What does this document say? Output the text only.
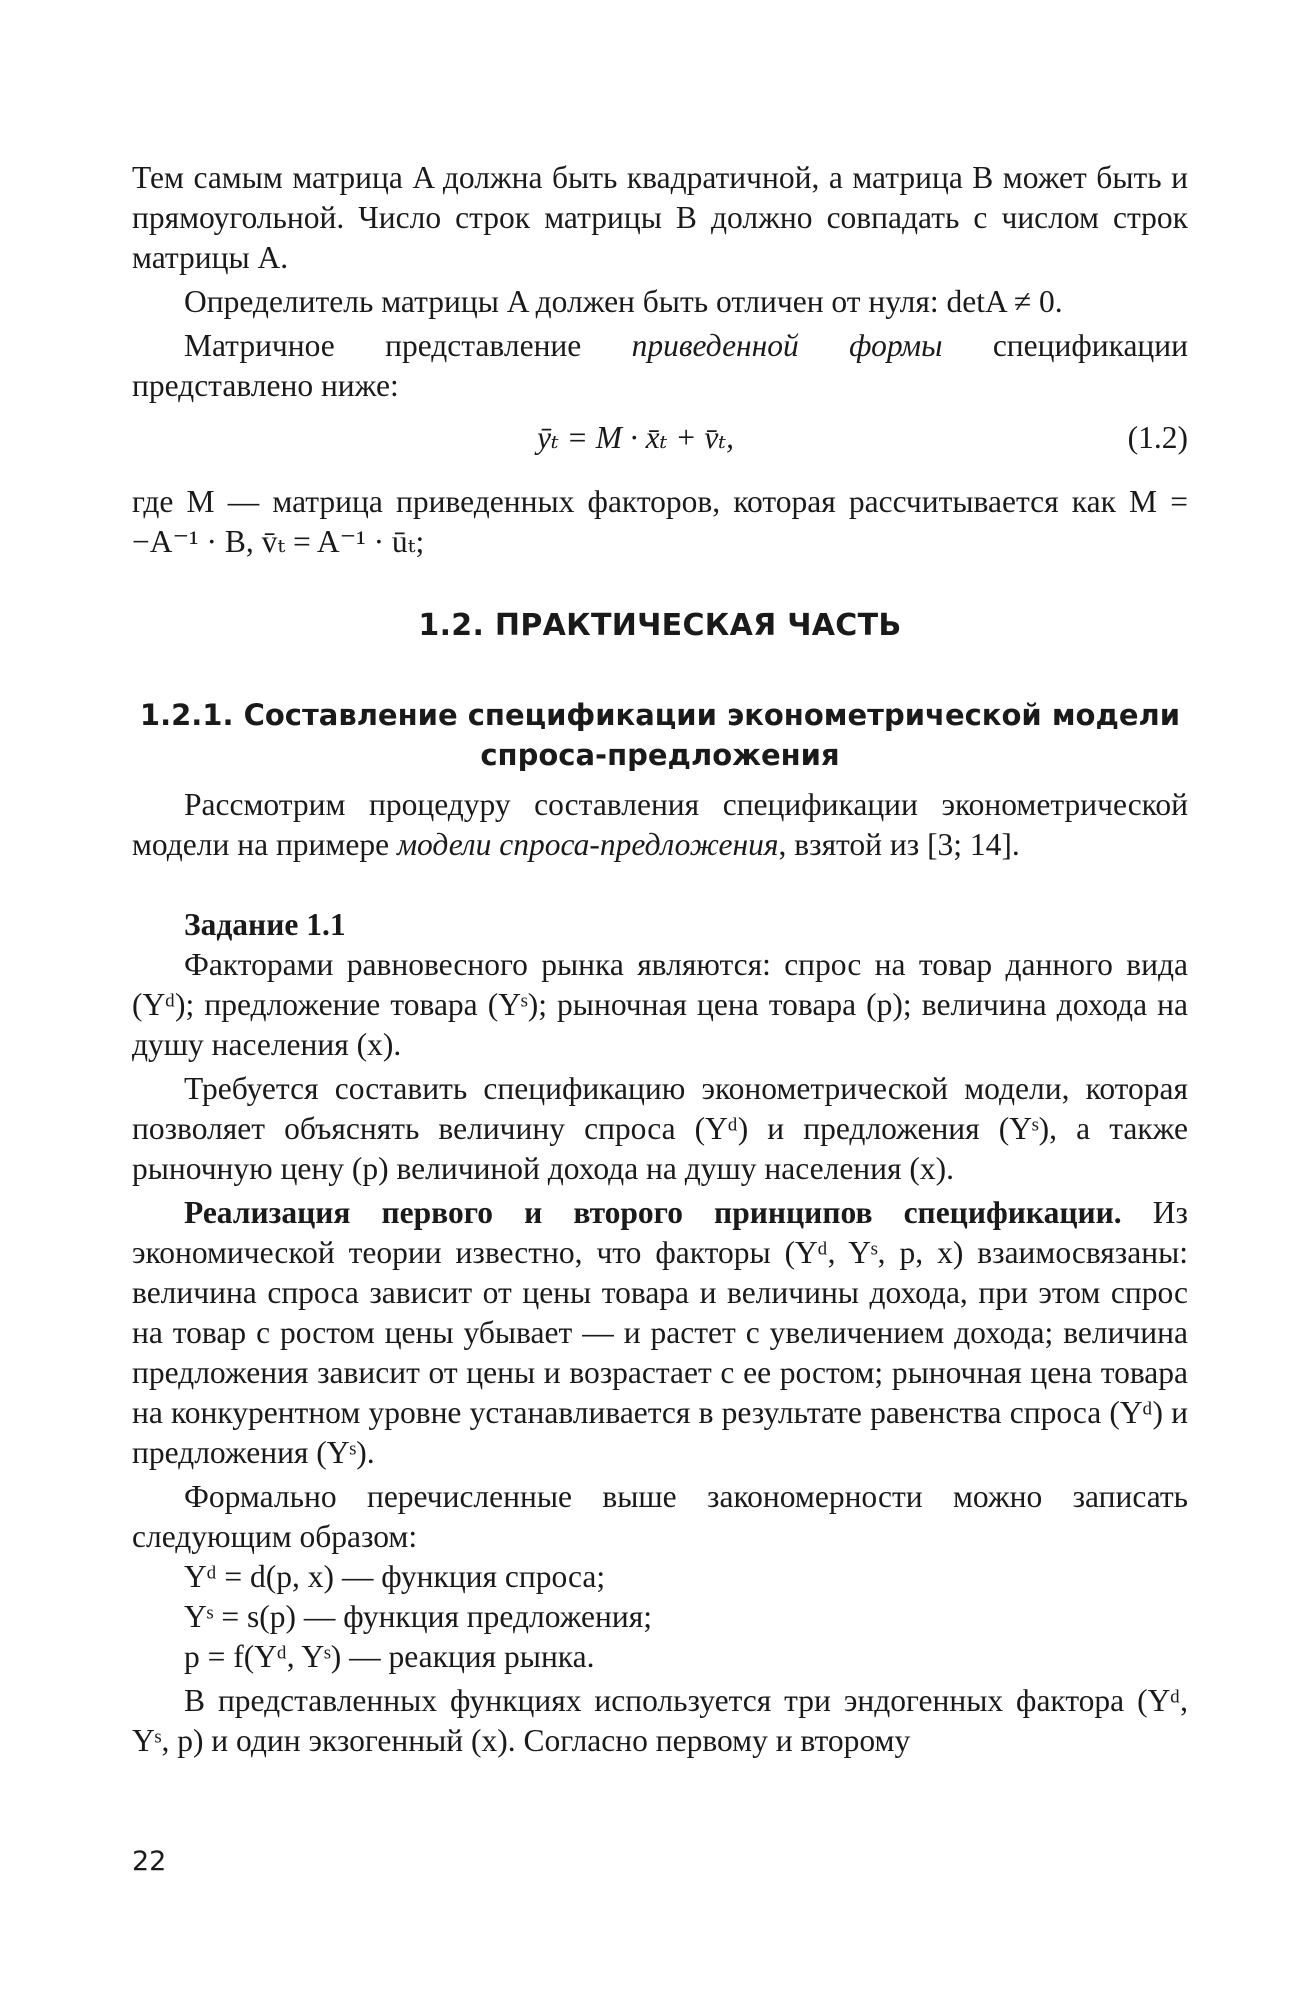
Тем самым матрица A должна быть квадратичной, а матрица B может быть и прямоугольной. Число строк матрицы B должно совпадать с числом строк матрицы A.

Определитель матрицы A должен быть отличен от нуля: detA ≠ 0.

Матричное представление приведенной формы спецификации представлено ниже:

ȳₜ = M · x̄ₜ + v̄ₜ,	(1.2)

где M — матрица приведенных факторов, которая рассчитывается как M = −A⁻¹ · B, v̄ₜ = A⁻¹ · ūₜ;

1.2. ПРАКТИЧЕСКАЯ ЧАСТЬ
1.2.1. Составление спецификации эконометрической модели
спроса-предложения

Рассмотрим процедуру составления спецификации эконометрической модели на примере модели спроса-предложения, взятой из [3; 14].

Задание 1.1

Факторами равновесного рынка являются: спрос на товар данного вида (Yᵈ); предложение товара (Yˢ); рыночная цена товара (p); величина дохода на душу населения (x).

Требуется составить спецификацию эконометрической модели, которая позволяет объяснять величину спроса (Yᵈ) и предложения (Yˢ), а также рыночную цену (p) величиной дохода на душу населения (x).

Реализация первого и второго принципов спецификации. Из экономической теории известно, что факторы (Yᵈ, Yˢ, p, x) взаимосвязаны: величина спроса зависит от цены товара и величины дохода, при этом спрос на товар с ростом цены убывает — и растет с увеличением дохода; величина предложения зависит от цены и возрастает с ее ростом; рыночная цена товара на конкурентном уровне устанавливается в результате равенства спроса (Yᵈ) и предложения (Yˢ).

Формально перечисленные выше закономерности можно записать следующим образом:

Yᵈ = d(p, x) — функция спроса;
Yˢ = s(p) — функция предложения;
p = f(Yᵈ, Yˢ) — реакция рынка.

В представленных функциях используется три эндогенных фактора (Yᵈ, Yˢ, p) и один экзогенный (x). Согласно первому и второму

22
